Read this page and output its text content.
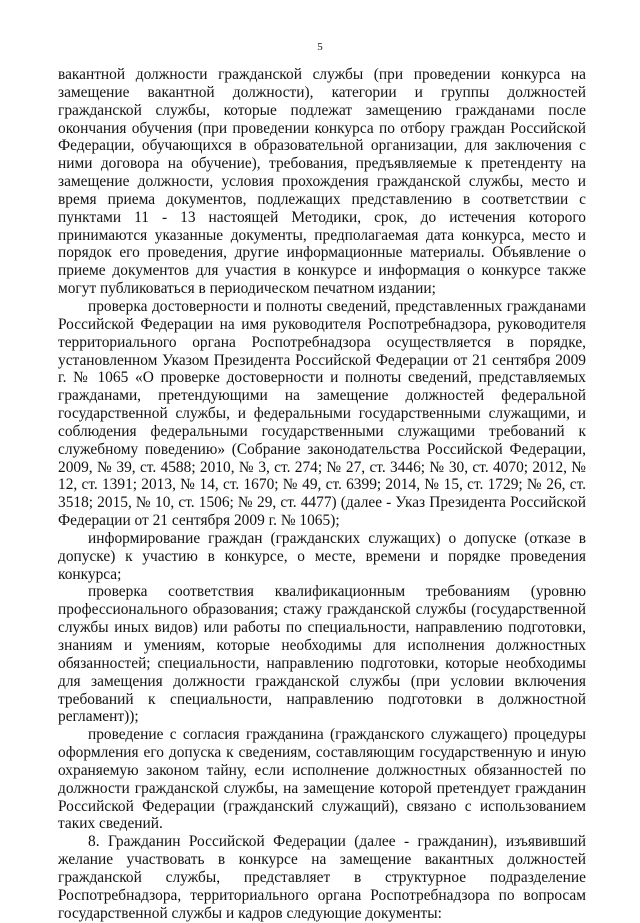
5

вакантной должности гражданской службы (при проведении конкурса на замещение вакантной должности), категории и группы должностей гражданской службы, которые подлежат замещению гражданами после окончания обучения (при проведении конкурса по отбору граждан Российской Федерации, обучающихся в образовательной организации, для заключения с ними договора на обучение), требования, предъявляемые к претенденту на замещение должности, условия прохождения гражданской службы, место и время приема документов, подлежащих представлению в соответствии с пунктами 11 - 13 настоящей Методики, срок, до истечения которого принимаются указанные документы, предполагаемая дата конкурса, место и порядок его проведения, другие информационные материалы. Объявление о приеме документов для участия в конкурсе и информация о конкурсе также могут публиковаться в периодическом печатном издании;

проверка достоверности и полноты сведений, представленных гражданами Российской Федерации на имя руководителя Роспотребнадзора, руководителя территориального органа Роспотребнадзора осуществляется в порядке, установленном Указом Президента Российской Федерации от 21 сентября 2009 г. № 1065 «О проверке достоверности и полноты сведений, представляемых гражданами, претендующими на замещение должностей федеральной государственной службы, и федеральными государственными служащими, и соблюдения федеральными государственными служащими требований к служебному поведению» (Собрание законодательства Российской Федерации, 2009, № 39, ст. 4588; 2010, № 3, ст. 274; № 27, ст. 3446; № 30, ст. 4070; 2012, № 12, ст. 1391; 2013, № 14, ст. 1670; № 49, ст. 6399; 2014, № 15, ст. 1729; № 26, ст. 3518; 2015, № 10, ст. 1506; № 29, ст. 4477) (далее - Указ Президента Российской Федерации от 21 сентября 2009 г. № 1065);

информирование граждан (гражданских служащих) о допуске (отказе в допуске) к участию в конкурсе, о месте, времени и порядке проведения конкурса;

проверка соответствия квалификационным требованиям (уровню профессионального образования; стажу гражданской службы (государственной службы иных видов) или работы по специальности, направлению подготовки, знаниям и умениям, которые необходимы для исполнения должностных обязанностей; специальности, направлению подготовки, которые необходимы для замещения должности гражданской службы (при условии включения требований к специальности, направлению подготовки в должностной регламент));

проведение с согласия гражданина (гражданского служащего) процедуры оформления его допуска к сведениям, составляющим государственную и иную охраняемую законом тайну, если исполнение должностных обязанностей по должности гражданской службы, на замещение которой претендует гражданин Российской Федерации (гражданский служащий), связано с использованием таких сведений.

8. Гражданин Российской Федерации (далее - гражданин), изъявивший желание участвовать в конкурсе на замещение вакантных должностей гражданской службы, представляет в структурное подразделение Роспотребнадзора, территориального органа Роспотребнадзора по вопросам государственной службы и кадров следующие документы:
